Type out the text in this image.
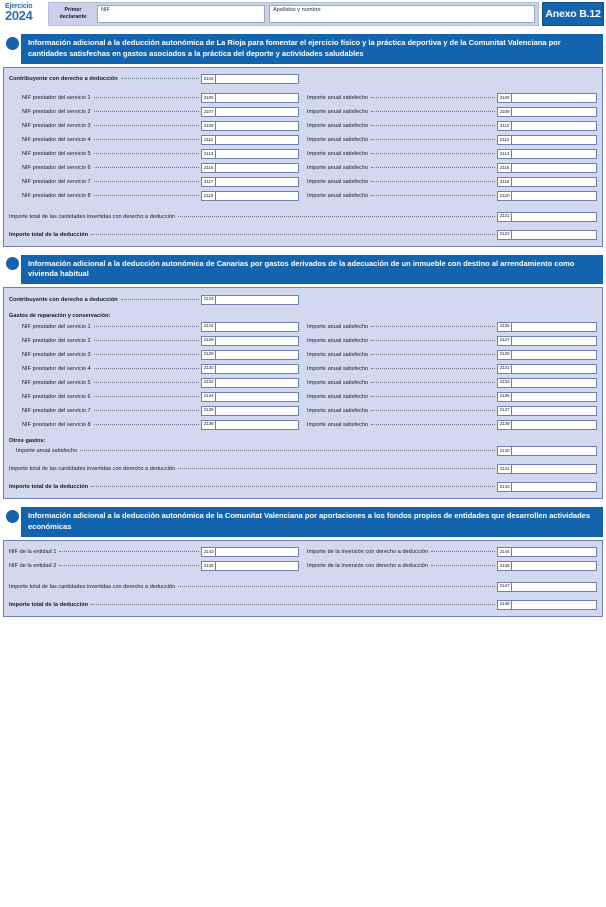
Ejercicio
2024	Primer
declarante
NIF	Apellidos y nombre	Anexo B.12
Información adicional a la deducción autonómica de La Rioja para fomentar el ejercicio físico y la práctica deportiva y de la Comunitat Valenciana por cantidades satisfechas en gastos asociados a la práctica del deporte y actividades saludables
Contribuyente con derecho a deducción	2104
NIF prestador del servicio 1	2105	Importe anual satisfecho	2106
NIF prestador del servicio 2	2107	Importe anual satisfecho	2108
NIF prestador del servicio 3	2109	Importe anual satisfecho	2110
NIF prestador del servicio 4	2111	Importe anual satisfecho	2112
NIF prestador del servicio 5	2113	Importe anual satisfecho	2114
NIF prestador del servicio 6	2115	Importe anual satisfecho	2116
NIF prestador del servicio 7	2117	Importe anual satisfecho	2118
NIF prestador del servicio 8	2119	Importe anual satisfecho	2120
Importe total de las cantidades invertidas con derecho a deducción	2121
Importe total de la deducción	2122
Información adicional a la deducción autonómica de Canarias por gastos derivados de la adecuación de un inmueble con destino al arrendamiento como vivienda habitual
Contribuyente con derecho a deducción	2123
Gastos de reparación y conservación:
NIF prestador del servicio 1	2124	Importe anual satisfecho	2125
NIF prestador del servicio 2	2126	Importe anual satisfecho	2127
NIF prestador del servicio 3	2128	Importe anual satisfecho	2129
NIF prestador del servicio 4	2130	Importe anual satisfecho	2131
NIF prestador del servicio 5	2132	Importe anual satisfecho	2133
NIF prestador del servicio 6	2134	Importe anual satisfecho	2135
NIF prestador del servicio 7	2136	Importe anual satisfecho	2137
NIF prestador del servicio 8	2138	Importe anual satisfecho	2139
Otros gastos:
Importe anual satisfecho	2140
Importe total de las cantidades invertidas con derecho a deducción	2141
Importe total de la deducción	2142
Información adicional a la deducción autonómica de la Comunitat Valenciana por aportaciones a los fondos propios de entidades que desarrollen actividades económicas
NIF de la entidad 1	2143	Importe de la inversión con derecho a deducción	2144
NIF de la entidad 2	2145	Importe de la inversión con derecho a deducción	2146
Importe total de las cantidades invertidas con derecho a deducción	2147
Importe total de la deducción	2148
